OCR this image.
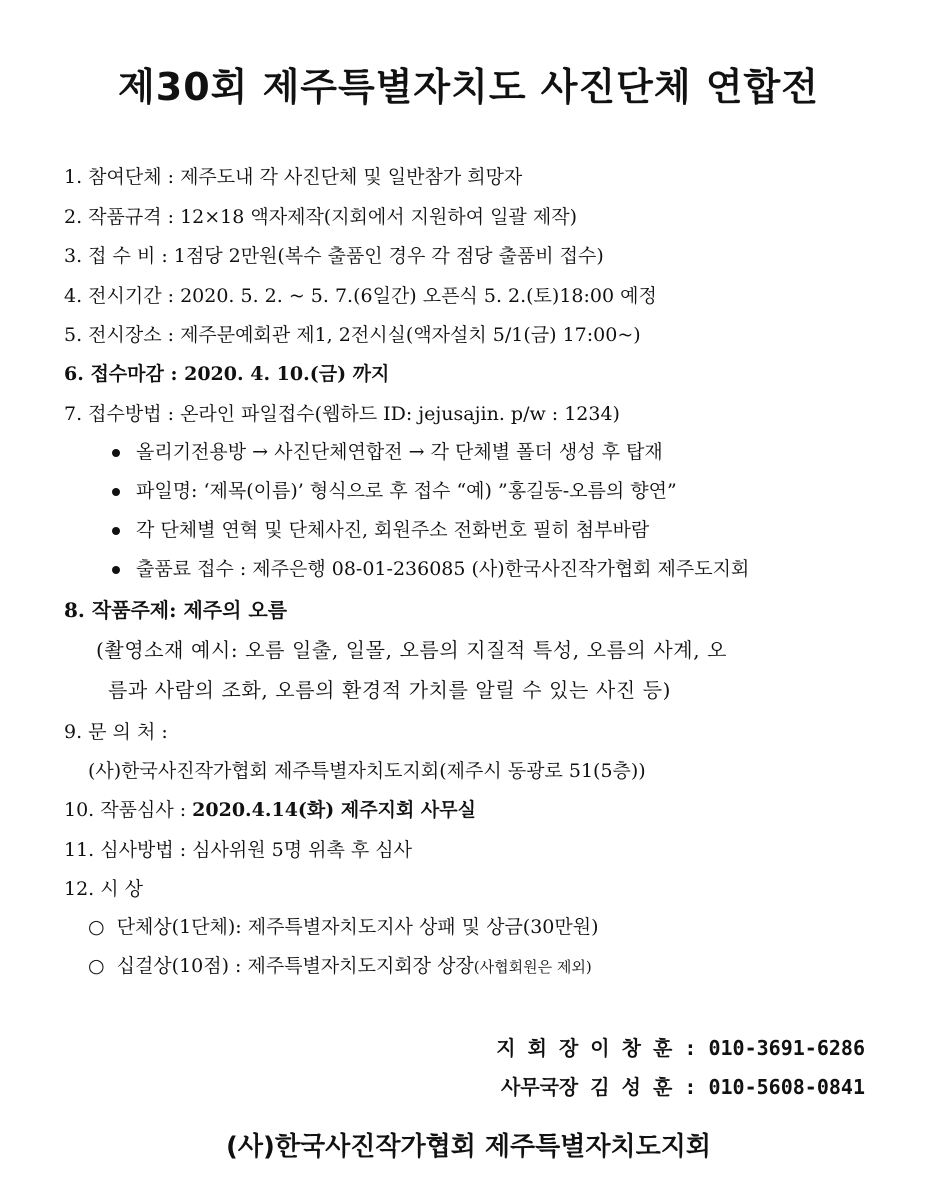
제30회 제주특별자치도 사진단체 연합전
1. 참여단체 : 제주도내 각 사진단체 및 일반참가 희망자
2. 작품규격 : 12×18 액자제작(지회에서 지원하여 일괄 제작)
3. 접 수 비 : 1점당 2만원(복수 출품인 경우 각 점당 출품비 접수)
4. 전시기간 : 2020. 5. 2. ~ 5. 7.(6일간) 오픈식 5. 2.(토)18:00 예정
5. 전시장소 : 제주문예회관 제1, 2전시실(액자설치 5/1(금) 17:00~)
6. 접수마감 : 2020. 4. 10.(금) 까지
7. 접수방법 : 온라인 파일접수(웹하드 ID: jejusajin. p/w : 1234)
올리기전용방 → 사진단체연합전 → 각 단체별 폴더 생성 후 탑재
파일명: ‘제목(이름)’ 형식으로 후 접수 “예) ”홍길동-오름의 향연”
각 단체별 연혁 및 단체사진, 회원주소 전화번호 필히 첨부바람
출품료 접수 : 제주은행 08-01-236085 (사)한국사진작가협회 제주도지회
8. 작품주제: 제주의 오름
(촬영소재 예시: 오름 일출, 일몰, 오름의 지질적 특성, 오름의 사계, 오
름과 사람의 조화, 오름의 환경적 가치를 알릴 수 있는 사진 등)
9. 문 의 처 :
(사)한국사진작가협회 제주특별자치도지회(제주시 동광로 51(5층))
10. 작품심사 : 2020.4.14(화) 제주지회 사무실
11. 심사방법 : 심사위원 5명 위촉 후 심사
12. 시 상
○ 단체상(1단체): 제주특별자치도지사 상패 및 상금(30만원)
○ 십걸상(10점) : 제주특별자치도지회장 상장(사협회원은 제외)
지 회 장 이 창 훈 : 010-3691-6286
사무국장 김 성 훈 : 010-5608-0841
(사)한국사진작가협회 제주특별자치도지회
